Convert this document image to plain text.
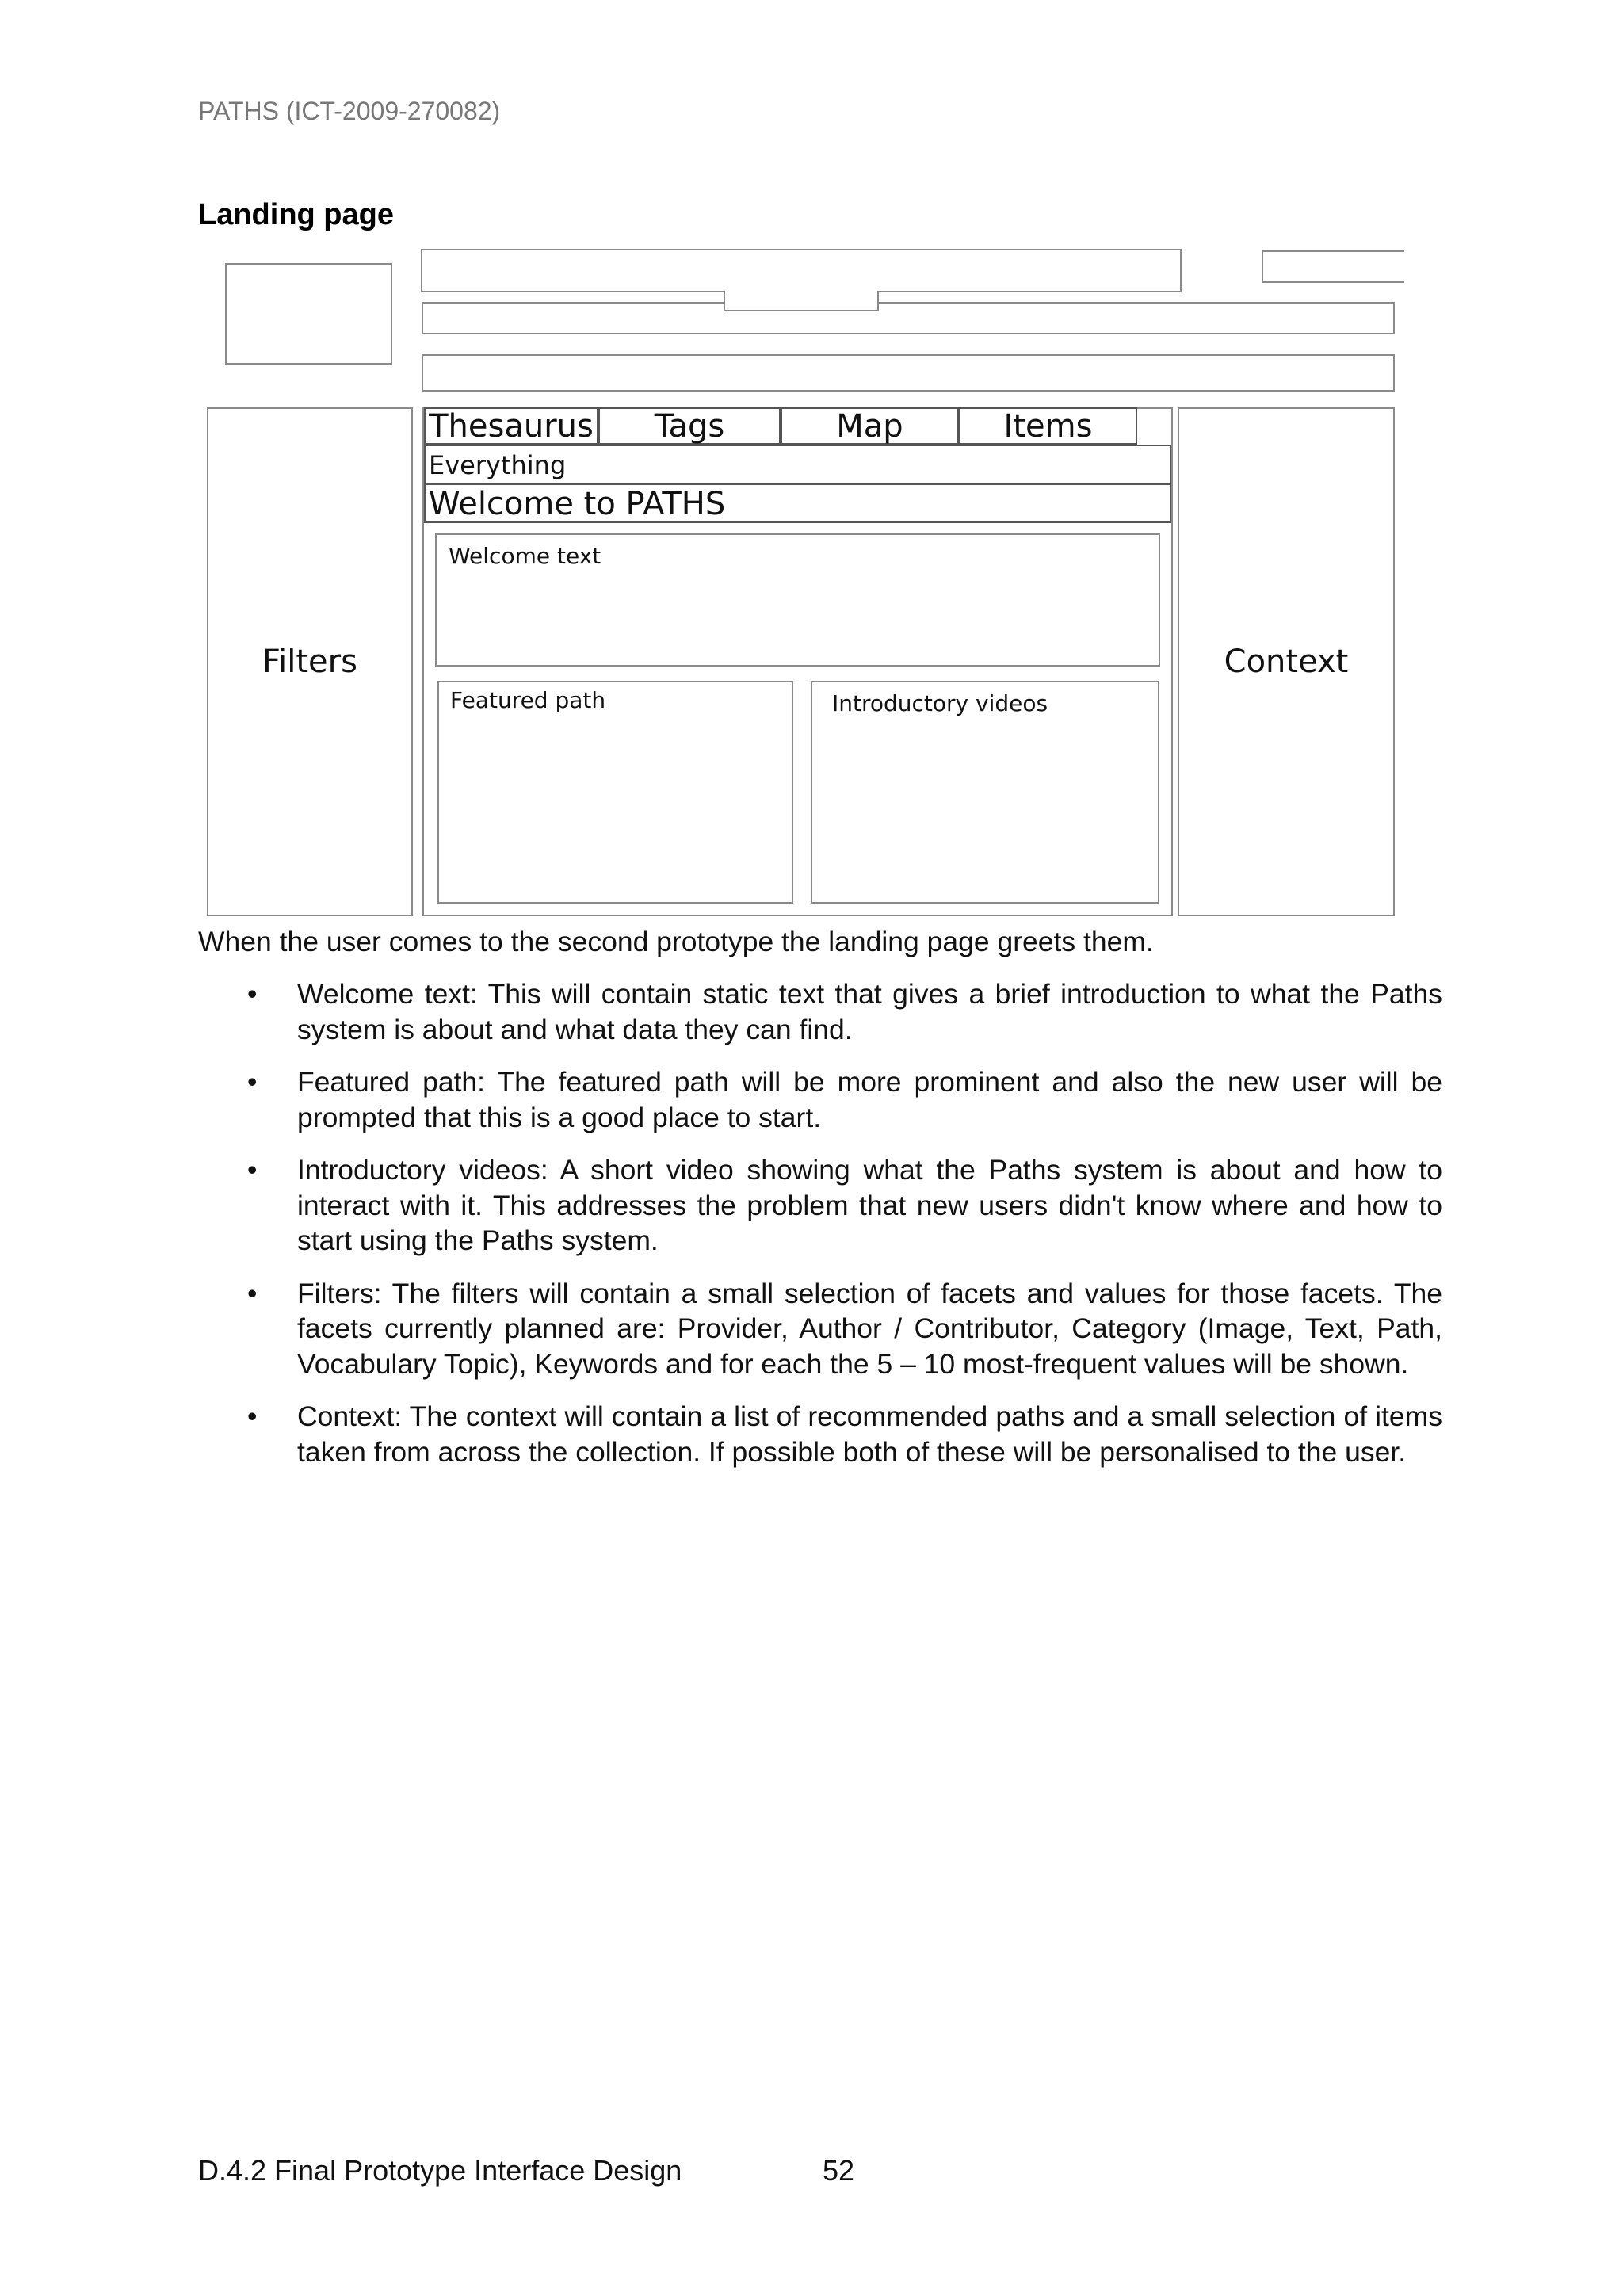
PATHS (ICT-2009-270082)
Landing page
Filters	Context
Thesaurus	Tags	Map	Items
Everything
Welcome to PATHS
Welcome text
Featured path	Introductory videos
When the user comes to the second prototype the landing page greets them.
• Welcome text: This will contain static text that gives a brief introduction to what the Paths system is about and what data they can find.
• Featured path: The featured path will be more prominent and also the new user will be prompted that this is a good place to start.
• Introductory videos: A short video showing what the Paths system is about and how to interact with it. This addresses the problem that new users didn't know where and how to start using the Paths system.
• Filters: The filters will contain a small selection of facets and values for those facets. The facets currently planned are: Provider, Author / Contributor, Category (Image, Text, Path, Vocabulary Topic), Keywords and for each the 5 – 10 most-frequent values will be shown.
• Context: The context will contain a list of recommended paths and a small selection of items taken from across the collection. If possible both of these will be personalised to the user.
D.4.2 Final Prototype Interface Design	52
